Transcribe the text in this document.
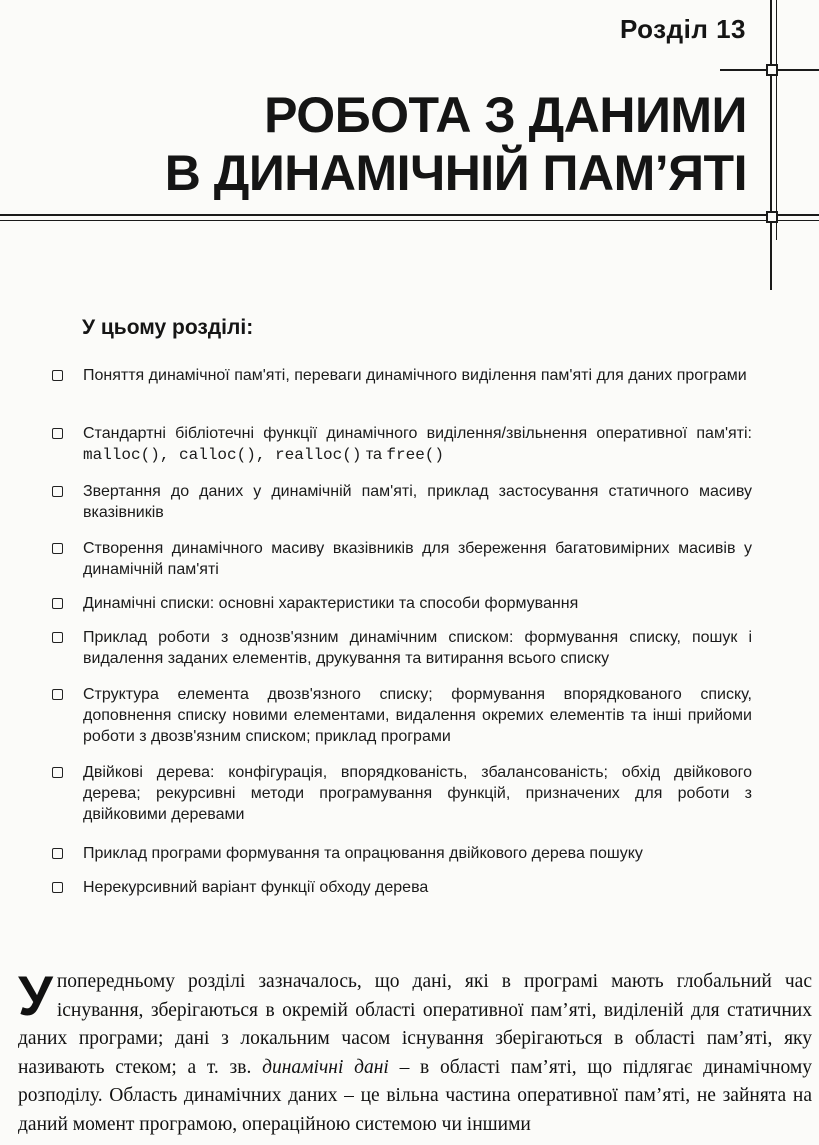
Розділ 13
РОБОТА З ДАНИМИ
В ДИНАМІЧНІЙ ПАМ’ЯТІ
У цьому розділі:
Поняття динамічної пам'яті, переваги динамічного виділення пам'яті для даних програми
Стандартні бібліотечні функції динамічного виділення/звільнення оперативної пам'яті: malloc(), calloc(), realloc() та free()
Звертання до даних у динамічній пам'яті, приклад застосування статичного масиву вказівників
Створення динамічного масиву вказівників для збереження багатовимірних масивів у динамічній пам'яті
Динамічні списки: основні характеристики та способи формування
Приклад роботи з однозв'язним динамічним списком: формування списку, пошук і видалення заданих елементів, друкування та витирання всього списку
Структура елемента двозв'язного списку; формування впорядкованого списку, доповнення списку новими елементами, видалення окремих елементів та інші прийоми роботи з двозв'язним списком; приклад програми
Двійкові дерева: конфігурація, впорядкованість, збалансованість; обхід двійкового дерева; рекурсивні методи програмування функцій, призначених для роботи з двійковими деревами
Приклад програми формування та опрацювання двійкового дерева пошуку
Нерекурсивний варіант функції обходу дерева
У попередньому розділі зазначалось, що дані, які в програмі мають глобальний час існування, зберігаються в окремій області оперативної пам’яті, виділеній для статичних даних програми; дані з локальним часом існування зберігаються в області пам’яті, яку називають стеком; а т. зв. динамічні дані – в області пам’яті, що підлягає динамічному розподілу. Область динамічних даних – це вільна частина оперативної пам’яті, не зайнята на даний момент програмою, операційною системою чи іншими
